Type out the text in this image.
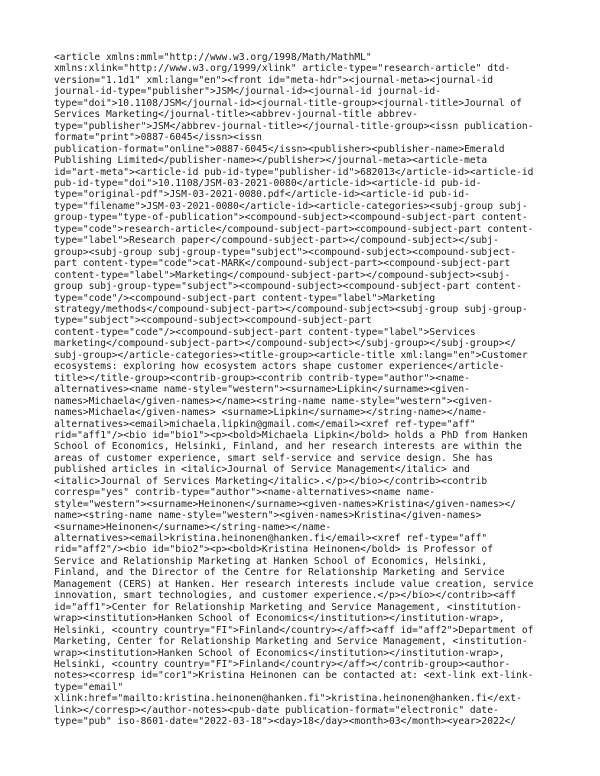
<article xmlns:mml="http://www.w3.org/1998/Math/MathML"
xmlns:xlink="http://www.w3.org/1999/xlink" article-type="research-article" dtd-
version="1.1d1" xml:lang="en"><front id="meta-hdr"><journal-meta><journal-id
journal-id-type="publisher">JSM</journal-id><journal-id journal-id-
type="doi">10.1108/JSM</journal-id><journal-title-group><journal-title>Journal of
Services Marketing</journal-title><abbrev-journal-title abbrev-
type="publisher">JSM</abbrev-journal-title></journal-title-group><issn publication-
format="print">0887-6045</issn><issn
publication-format="online">0887-6045</issn><publisher><publisher-name>Emerald
Publishing Limited</publisher-name></publisher></journal-meta><article-meta
id="art-meta"><article-id pub-id-type="publisher-id">682013</article-id><article-id
pub-id-type="doi">10.1108/JSM-03-2021-0080</article-id><article-id pub-id-
type="original-pdf">JSM-03-2021-0080.pdf</article-id><article-id pub-id-
type="filename">JSM-03-2021-0080</article-id><article-categories><subj-group subj-
group-type="type-of-publication"><compound-subject><compound-subject-part content-
type="code">research-article</compound-subject-part><compound-subject-part content-
type="label">Research paper</compound-subject-part></compound-subject></subj-
group><subj-group subj-group-type="subject"><compound-subject><compound-subject-
part content-type="code">cat-MARK</compound-subject-part><compound-subject-part
content-type="label">Marketing</compound-subject-part></compound-subject><subj-
group subj-group-type="subject"><compound-subject><compound-subject-part content-
type="code"/><compound-subject-part content-type="label">Marketing
strategy/methods</compound-subject-part></compound-subject><subj-group subj-group-
type="subject"><compound-subject><compound-subject-part
content-type="code"/><compound-subject-part content-type="label">Services
marketing</compound-subject-part></compound-subject></subj-group></subj-group></
subj-group></article-categories><title-group><article-title xml:lang="en">Customer
ecosystems: exploring how ecosystem actors shape customer experience</article-
title></title-group><contrib-group><contrib contrib-type="author"><name-
alternatives><name name-style="western"><surname>Lipkin</surname><given-
names>Michaela</given-names></name><string-name name-style="western"><given-
names>Michaela</given-names> <surname>Lipkin</surname></string-name></name-
alternatives><email>michaela.lipkin@gmail.com</email><xref ref-type="aff"
rid="aff1"/><bio id="bio1"><p><bold>Michaela Lipkin</bold> holds a PhD from Hanken
School of Economics, Helsinki, Finland, and her research interests are within the
areas of customer experience, smart self-service and service design. She has
published articles in <italic>Journal of Service Management</italic> and
<italic>Journal of Services Marketing</italic>.</p></bio></contrib><contrib
corresp="yes" contrib-type="author"><name-alternatives><name name-
style="western"><surname>Heinonen</surname><given-names>Kristina</given-names></
name><string-name name-style="western"><given-names>Kristina</given-names>
<surname>Heinonen</surname></string-name></name-
alternatives><email>kristina.heinonen@hanken.fi</email><xref ref-type="aff"
rid="aff2"/><bio id="bio2"><p><bold>Kristina Heinonen</bold> is Professor of
Service and Relationship Marketing at Hanken School of Economics, Helsinki,
Finland, and the Director of the Centre for Relationship Marketing and Service
Management (CERS) at Hanken. Her research interests include value creation, service
innovation, smart technologies, and customer experience.</p></bio></contrib><aff
id="aff1">Center for Relationship Marketing and Service Management, <institution-
wrap><institution>Hanken School of Economics</institution></institution-wrap>,
Helsinki, <country country="FI">Finland</country></aff><aff id="aff2">Department of
Marketing, Center for Relationship Marketing and Service Management, <institution-
wrap><institution>Hanken School of Economics</institution></institution-wrap>,
Helsinki, <country country="FI">Finland</country></aff></contrib-group><author-
notes><corresp id="cor1">Kristina Heinonen can be contacted at: <ext-link ext-link-
type="email"
xlink:href="mailto:kristina.heinonen@hanken.fi">kristina.heinonen@hanken.fi</ext-
link></corresp></author-notes><pub-date publication-format="electronic" date-
type="pub" iso-8601-date="2022-03-18"><day>18</day><month>03</month><year>2022</
